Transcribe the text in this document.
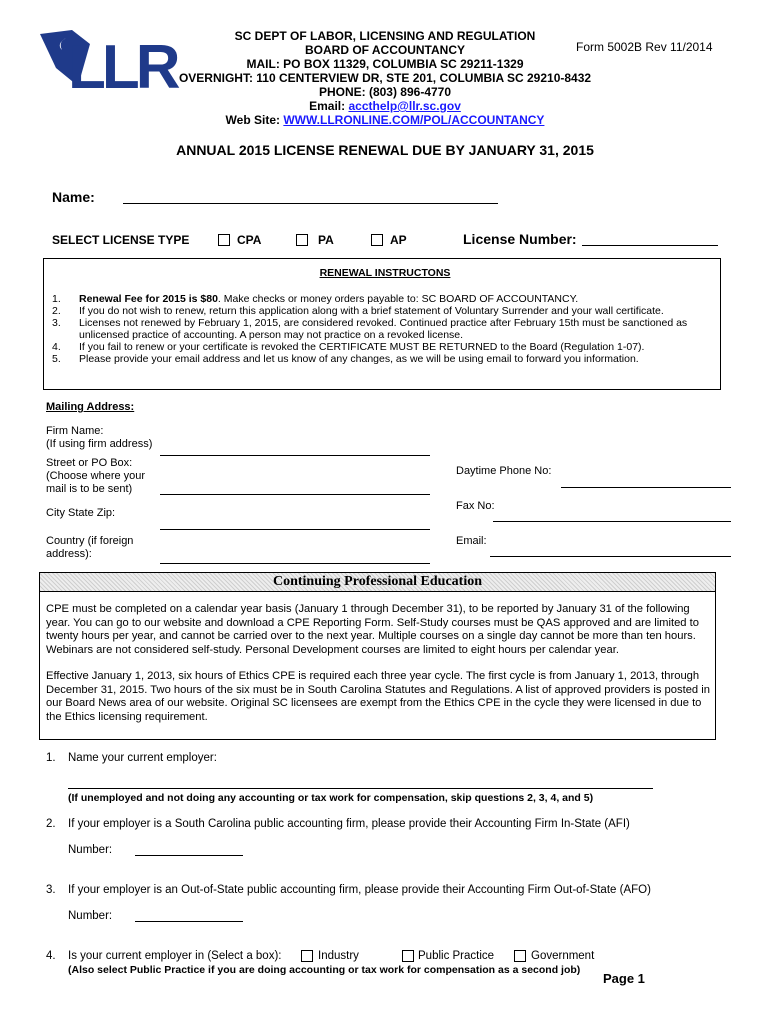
LLR	SC DEPT OF LABOR, LICENSING AND REGULATION
BOARD OF ACCOUNTANCY
MAIL: PO BOX 11329, COLUMBIA SC 29211-1329
OVERNIGHT: 110 CENTERVIEW DR, STE 201, COLUMBIA SC 29210-8432
PHONE: (803) 896-4770
Email: accthelp@llr.sc.gov
Web Site: WWW.LLRONLINE.COM/POL/ACCOUNTANCY
Form 5002B Rev 11/2014
ANNUAL 2015 LICENSE RENEWAL DUE BY JANUARY 31, 2015
Name:
SELECT LICENSE TYPE	CPA	PA	AP	License Number:
RENEWAL INSTRUCTONS
1. Renewal Fee for 2015 is $80. Make checks or money orders payable to: SC BOARD OF ACCOUNTANCY.
2. If you do not wish to renew, return this application along with a brief statement of Voluntary Surrender and your wall certificate.
3. Licenses not renewed by February 1, 2015, are considered revoked. Continued practice after February 15th must be sanctioned as
unlicensed practice of accounting. A person may not practice on a revoked license.
4. If you fail to renew or your certificate is revoked the CERTIFICATE MUST BE RETURNED to the Board (Regulation 1-07).
5. Please provide your email address and let us know of any changes, as we will be using email to forward you information.
Mailing Address:
Firm Name:
(If using firm address)
Street or PO Box:
(Choose where your
mail is to be sent)
City State Zip:
Country (if foreign
address):
Daytime Phone No:
Fax No:
Email:
Continuing Professional Education
CPE must be completed on a calendar year basis (January 1 through December 31), to be reported by January 31 of the following year. You can go to our website and download a CPE Reporting Form. Self-Study courses must be QAS approved and are limited to twenty hours per year, and cannot be carried over to the next year. Multiple courses on a single day cannot be more than ten hours. Webinars are not considered self-study. Personal Development courses are limited to eight hours per calendar year.
Effective January 1, 2013, six hours of Ethics CPE is required each three year cycle. The first cycle is from January 1, 2013, through December 31, 2015. Two hours of the six must be in South Carolina Statutes and Regulations. A list of approved providers is posted in our Board News area of our website. Original SC licensees are exempt from the Ethics CPE in the cycle they were licensed in due to the Ethics licensing requirement.
1. Name your current employer:
(If unemployed and not doing any accounting or tax work for compensation, skip questions 2, 3, 4, and 5)
2. If your employer is a South Carolina public accounting firm, please provide their Accounting Firm In-State (AFI)
Number:
3. If your employer is an Out-of-State public accounting firm, please provide their Accounting Firm Out-of-State (AFO)
Number:
4. Is your current employer in (Select a box):	Industry	Public Practice	Government
(Also select Public Practice if you are doing accounting or tax work for compensation as a second job)
Page 1
